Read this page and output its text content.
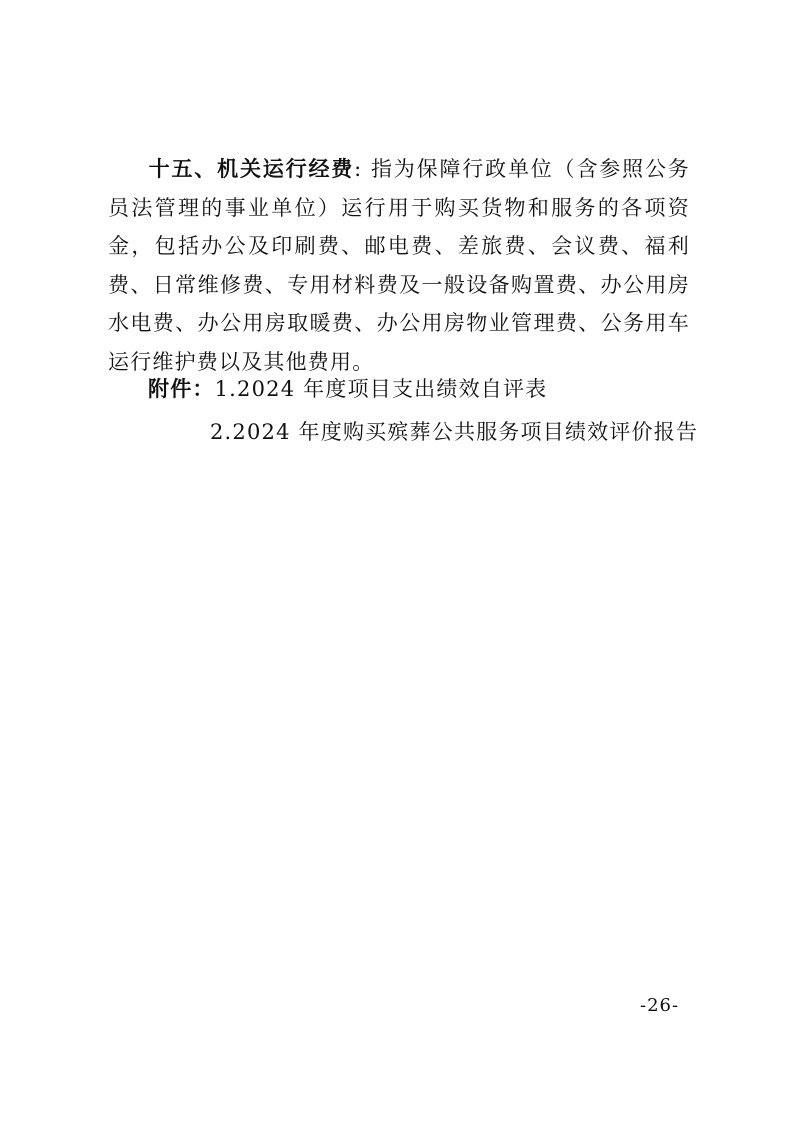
十五、机关运行经费: 指为保障行政单位（含参照公务员法管理的事业单位）运行用于购买货物和服务的各项资金，包括办公及印刷费、邮电费、差旅费、会议费、福利费、日常维修费、专用材料费及一般设备购置费、办公用房水电费、办公用房取暖费、办公用房物业管理费、公务用车运行维护费以及其他费用。

附件：1.2024 年度项目支出绩效自评表
2.2024 年度购买殡葬公共服务项目绩效评价报告
-26-
